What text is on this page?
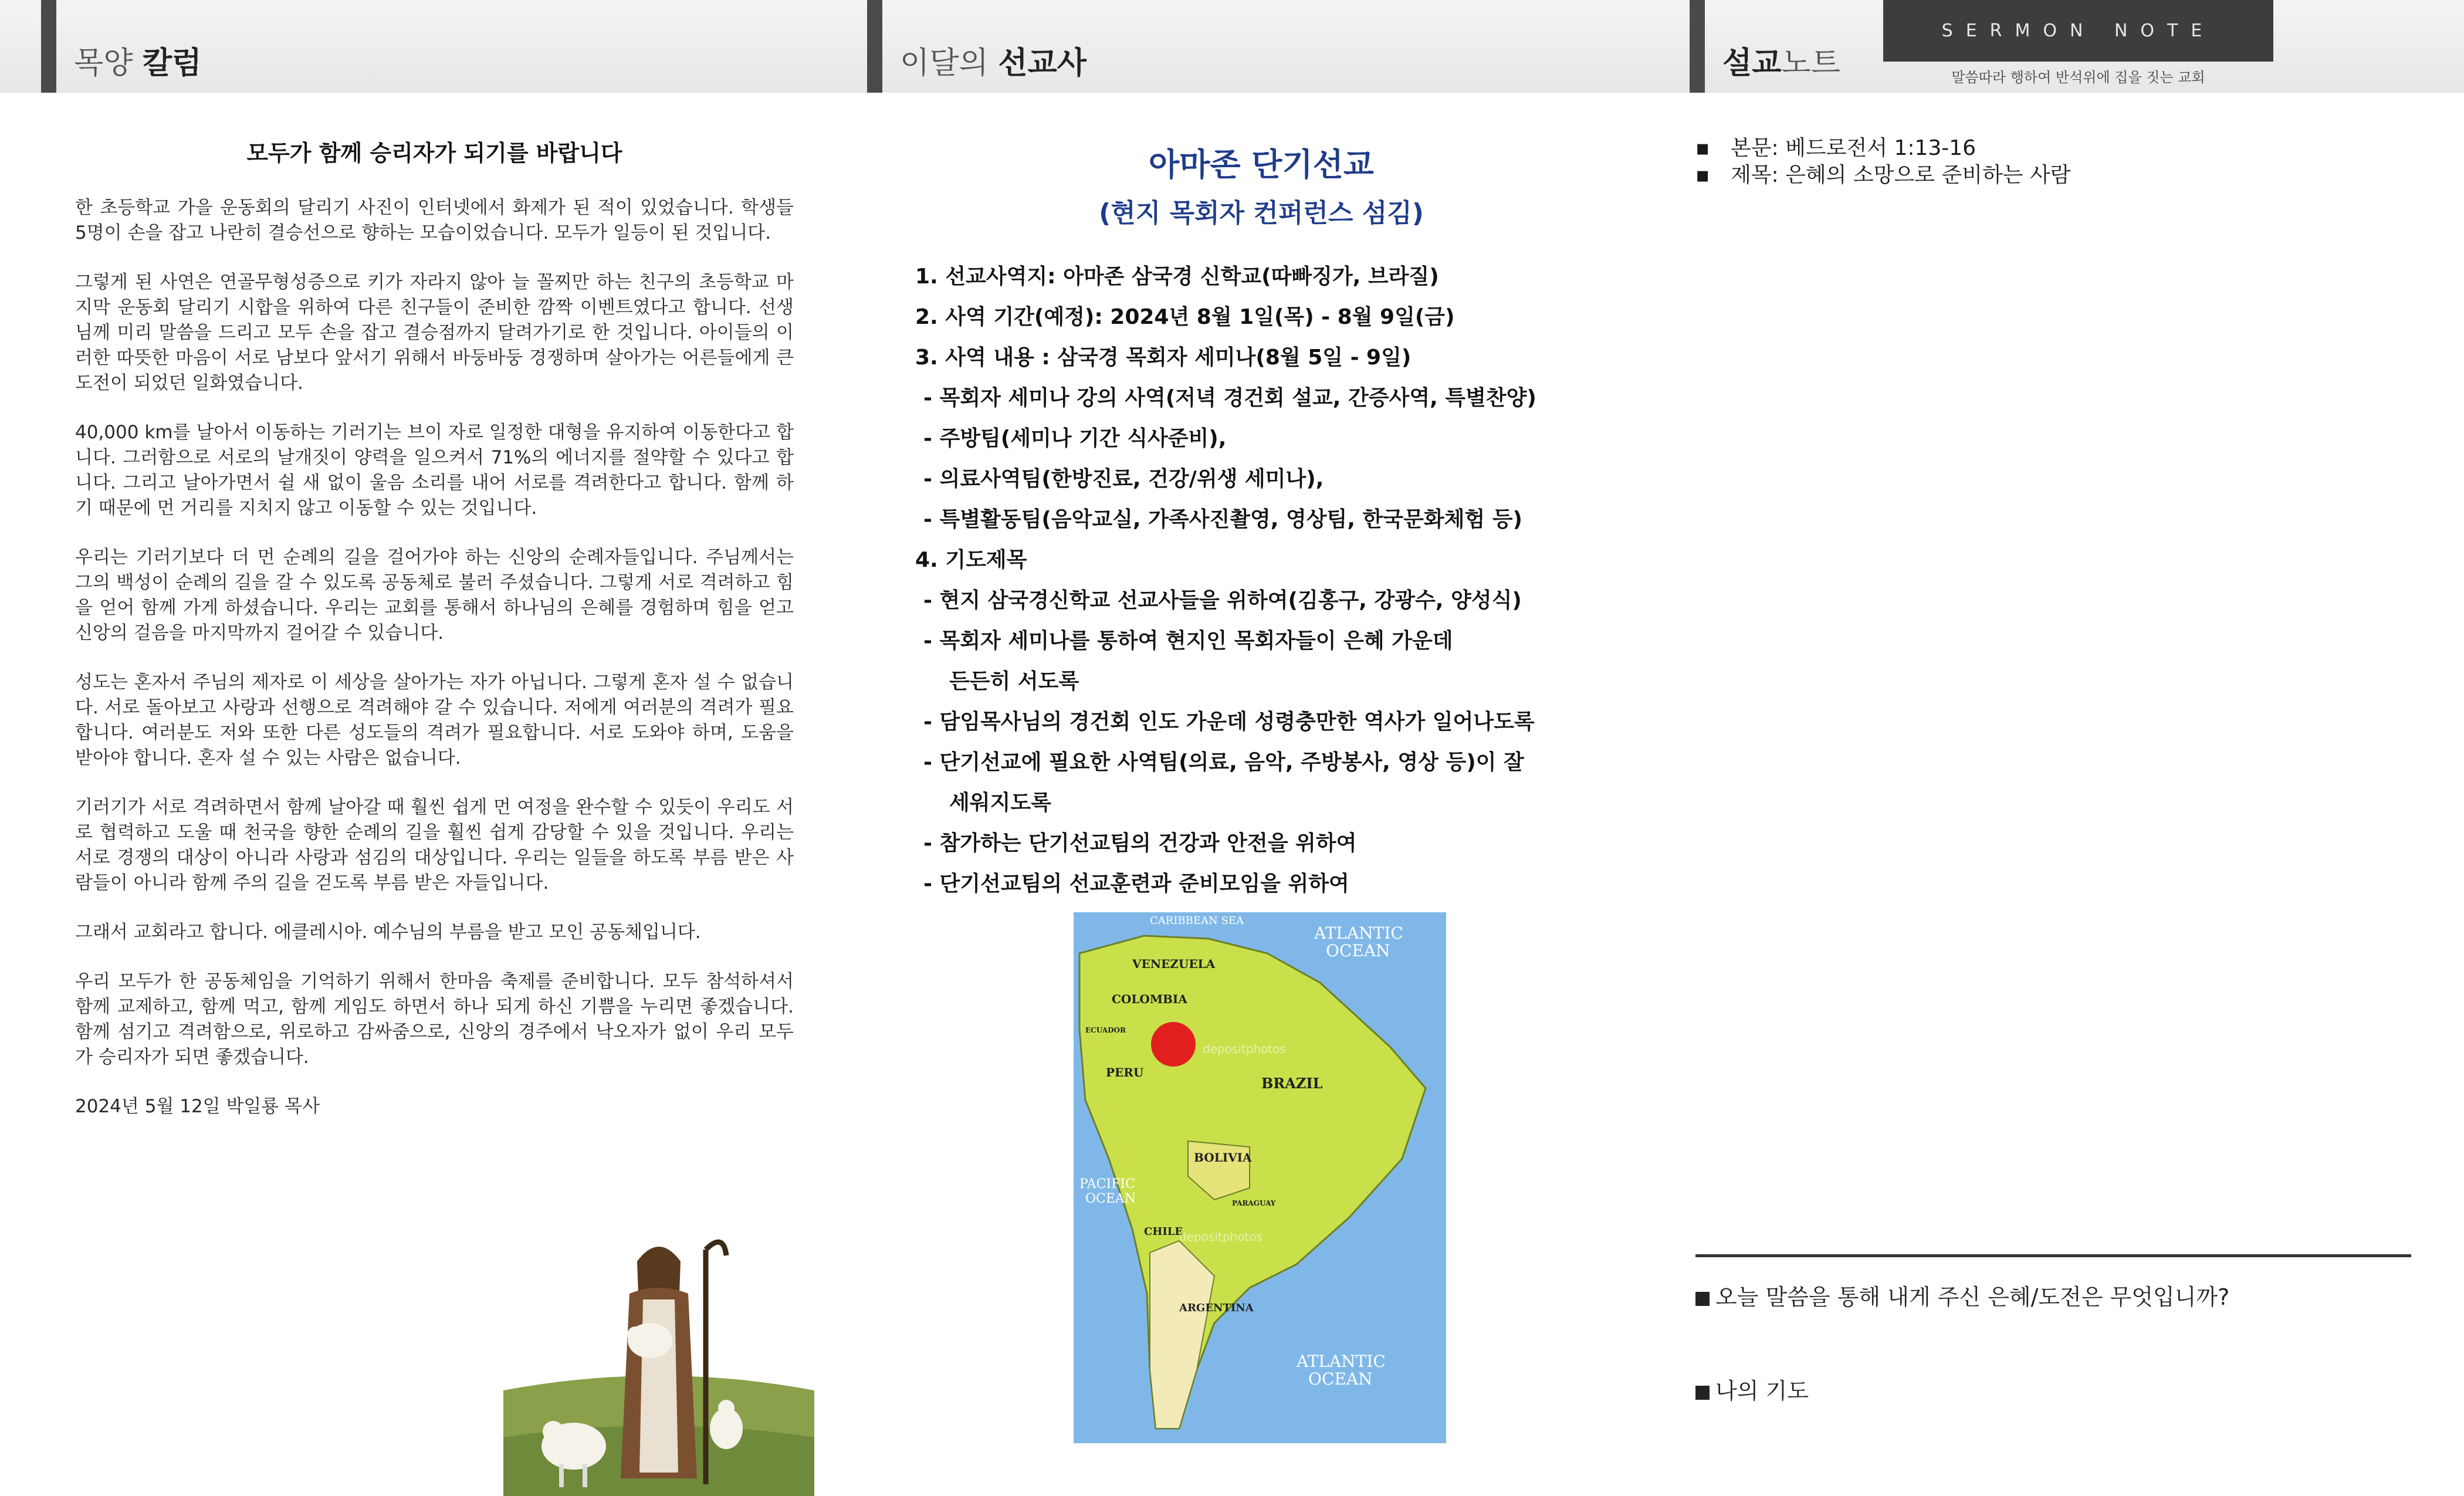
목양 칼럼	이달의 선교사	설교노트
SERMON NOTE
말씀따라 행하여 반석위에 집을 짓는 교회
모두가 함께 승리자가 되기를 바랍니다

한 초등학교 가을 운동회의 달리기 사진이 인터넷에서 화제가 된 적이 있었습니다. 학생들 5명이 손을 잡고 나란히 결승선으로 향하는 모습이었습니다. 모두가 일등이 된 것입니다.

그렇게 된 사연은 연골무형성증으로 키가 자라지 않아 늘 꼴찌만 하는 친구의 초등학교 마지막 운동회 달리기 시합을 위하여 다른 친구들이 준비한 깜짝 이벤트였다고 합니다. 선생님께 미리 말씀을 드리고 모두 손을 잡고 결승점까지 달려가기로 한 것입니다. 아이들의 이러한 따뜻한 마음이 서로 남보다 앞서기 위해서 바둥바둥 경쟁하며 살아가는 어른들에게 큰 도전이 되었던 일화였습니다.

40,000 km를 날아서 이동하는 기러기는 브이 자로 일정한 대형을 유지하여 이동한다고 합니다. 그러함으로 서로의 날개짓이 양력을 일으켜서 71%의 에너지를 절약할 수 있다고 합니다. 그리고 날아가면서 쉴 새 없이 울음 소리를 내어 서로를 격려한다고 합니다. 함께 하기 때문에 먼 거리를 지치지 않고 이동할 수 있는 것입니다.

우리는 기러기보다 더 먼 순례의 길을 걸어가야 하는 신앙의 순례자들입니다. 주님께서는 그의 백성이 순례의 길을 갈 수 있도록 공동체로 불러 주셨습니다. 그렇게 서로 격려하고 힘을 얻어 함께 가게 하셨습니다. 우리는 교회를 통해서 하나님의 은혜를 경험하며 힘을 얻고 신앙의 걸음을 마지막까지 걸어갈 수 있습니다.

성도는 혼자서 주님의 제자로 이 세상을 살아가는 자가 아닙니다. 그렇게 혼자 설 수 없습니다. 서로 돌아보고 사랑과 선행으로 격려해야 갈 수 있습니다. 저에게 여러분의 격려가 필요합니다. 여러분도 저와 또한 다른 성도들의 격려가 필요합니다. 서로 도와야 하며, 도움을 받아야 합니다. 혼자 설 수 있는 사람은 없습니다.

기러기가 서로 격려하면서 함께 날아갈 때 훨씬 쉽게 먼 여정을 완수할 수 있듯이 우리도 서로 협력하고 도울 때 천국을 향한 순례의 길을 훨씬 쉽게 감당할 수 있을 것입니다. 우리는 서로 경쟁의 대상이 아니라 사랑과 섬김의 대상입니다. 우리는 일들을 하도록 부름 받은 사람들이 아니라 함께 주의 길을 걷도록 부름 받은 자들입니다.

그래서 교회라고 합니다. 에클레시아. 예수님의 부름을 받고 모인 공동체입니다.

우리 모두가 한 공동체임을 기억하기 위해서 한마음 축제를 준비합니다. 모두 참석하셔서 함께 교제하고, 함께 먹고, 함께 게임도 하면서 하나 되게 하신 기쁨을 누리면 좋겠습니다. 함께 섬기고 격려함으로, 위로하고 감싸줌으로, 신앙의 경주에서 낙오자가 없이 우리 모두가 승리자가 되면 좋겠습니다.

2024년 5월 12일 박일룡 목사
아마존 단기선교
(현지 목회자 컨퍼런스 섬김)
1. 선교사역지: 아마존 삼국경 신학교(따빠징가, 브라질)
2. 사역 기간(예정): 2024년 8월 1일(목) - 8월 9일(금)
3. 사역 내용 : 삼국경 목회자 세미나(8월 5일 - 9일)
- 목회자 세미나 강의 사역(저녁 경건회 설교, 간증사역, 특별찬양)
- 주방팀(세미나 기간 식사준비),
- 의료사역팀(한방진료, 건강/위생 세미나),
- 특별활동팀(음악교실, 가족사진촬영, 영상팀, 한국문화체험 등)
4. 기도제목
- 현지 삼국경신학교 선교사들을 위하여(김홍구, 강광수, 양성식)
- 목회자 세미나를 통하여 현지인 목회자들이 은혜 가운데
든든히 서도록
- 담임목사님의 경건회 인도 가운데 성령충만한 역사가 일어나도록
- 단기선교에 필요한 사역팀(의료, 음악, 주방봉사, 영상 등)이 잘
세워지도록
- 참가하는 단기선교팀의 건강과 안전을 위하여
- 단기선교팀의 선교훈련과 준비모임을 위하여
CARIBBEAN SEA
ATLANTIC
OCEAN
ATLANTIC
OCEAN
PACIFIC
OCEAN
VENEZUELA
COLOMBIA
PERU
BRAZIL
BOLIVIA
CHILE
ARGENTINA
PARAGUAY
ECUADOR
depositphotos
depositphotos
▪ 본문: 베드로전서 1:13-16
▪ 제목: 은혜의 소망으로 준비하는 사람
오늘 말씀을 통해 내게 주신 은혜/도전은 무엇입니까?
나의 기도
